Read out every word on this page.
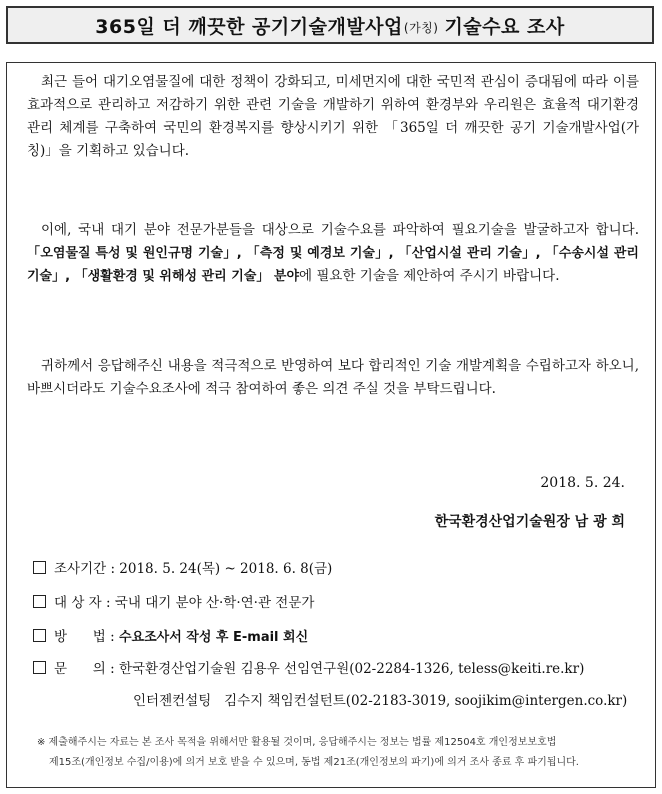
365일 더 깨끗한 공기기술개발사업 (가칭) 기술수요 조사
최근 들어 대기오염물질에 대한 정책이 강화되고, 미세먼지에 대한 국민적 관심이 증대됨에 따라 이를 효과적으로 관리하고 저감하기 위한 관련 기술을 개발하기 위하여 환경부와 우리원은 효율적 대기환경 관리 체계를 구축하여 국민의 환경복지를 향상시키기 위한 「365일 더 깨끗한 공기 기술개발사업(가칭)」을 기획하고 있습니다.
이에, 국내 대기 분야 전문가분들을 대상으로 기술수요를 파악하여 필요기술을 발굴하고자 합니다. 「오염물질 특성 및 원인규명 기술」, 「측정 및 예경보 기술」, 「산업시설 관리 기술」, 「수송시설 관리 기술」, 「생활환경 및 위해성 관리 기술」 분야에 필요한 기술을 제안하여 주시기 바랍니다.
귀하께서 응답해주신 내용을 적극적으로 반영하여 보다 합리적인 기술 개발계획을 수립하고자 하오니, 바쁘시더라도 기술수요조사에 적극 참여하여 좋은 의견 주실 것을 부탁드립니다.
2018. 5. 24.
한국환경산업기술원장 남 광 희
조사기간 : 2018. 5. 24(목) ~ 2018. 6. 8(금)
대 상 자 : 국내 대기 분야 산·학·연·관 전문가
방      법 : 수요조사서 작성 후 E-mail 회신
문      의 : 한국환경산업기술원 김용우 선임연구원(02-2284-1326, teless@keiti.re.kr)
인터젠컨설팅   김수지 책임컨설턴트(02-2183-3019, soojikim@intergen.co.kr)
※ 제출해주시는 자료는 본 조사 목적을 위해서만 활용될 것이며, 응답해주시는 정보는 법률 제12504호 개인정보보호법
제15조(개인정보 수집/이용)에 의거 보호 받을 수 있으며, 동법 제21조(개인정보의 파기)에 의거 조사 종료 후 파기됩니다.
